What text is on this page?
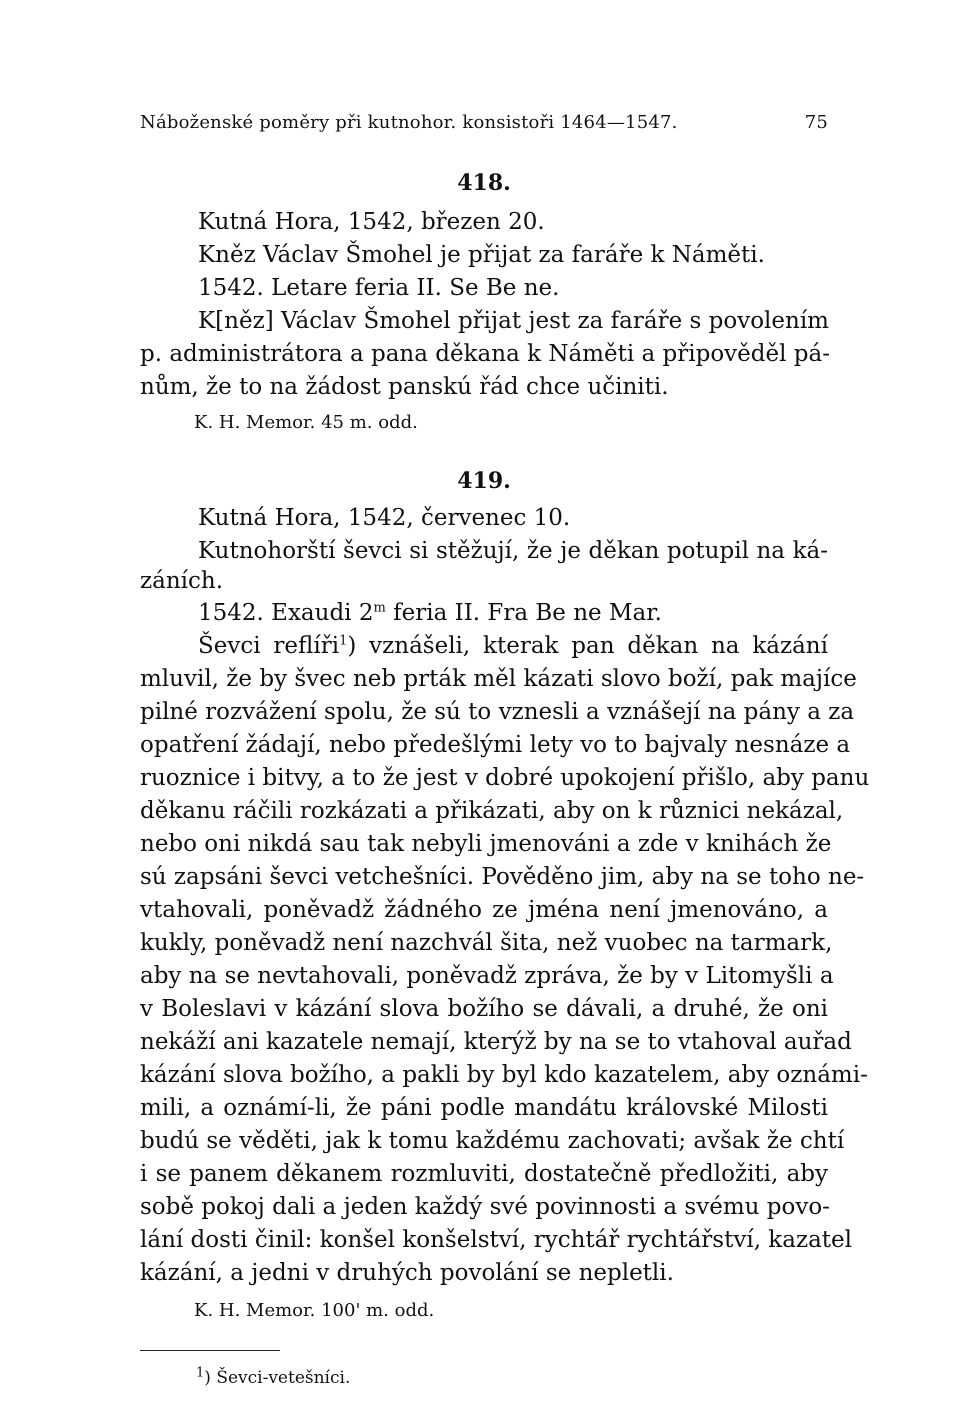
Náboženské poměry při kutnohor. konsistoři 1464—1547.	75
418.
Kutná Hora, 1542, březen 20.
Kněz Václav Šmohel je přijat za faráře k Náměti.
1542. Letare feria II. Se Be ne.
K[něz] Václav Šmohel přijat jest za faráře s povolením
p. administrátora a pana děkana k Náměti a připověděl pá-
nům, že to na žádost panskú řád chce učiniti.
K. H. Memor. 45 m. odd.
419.
Kutná Hora, 1542, červenec 10.
Kutnohorští ševci si stěžují, že je děkan potupil na ká-
záních.
1542. Exaudi 2$^m$ feria II. Fra Be ne Mar.
Ševci reflíři$^1$) vznášeli, kterak pan děkan na kázání
mluvil, že by švec neb prták měl kázati slovo boží, pak majíce
pilné rozvážení spolu, že sú to vznesli a vznášejí na pány a za
opatření žádají, nebo předešlými lety vo to bajvaly nesnáze a
ruoznice i bitvy, a to že jest v dobré upokojení přišlo, aby panu
děkanu ráčili rozkázati a přikázati, aby on k různici nekázal,
nebo oni nikdá sau tak nebyli jmenováni a zde v knihách že
sú zapsáni ševci vetchešníci. Pověděno jim, aby na se toho ne-
vtahovali, poněvadž žádného ze jména není jmenováno, a
kukly, poněvadž není nazchvál šita, než vuobec na tarmark,
aby na se nevtahovali, poněvadž zpráva, že by v Litomyšli a
v Boleslavi v kázání slova božího se dávali, a druhé, že oni
nekáží ani kazatele nemají, kterýž by na se to vtahoval auřad
kázání slova božího, a pakli by byl kdo kazatelem, aby oznámi-
mili, a oznámí-li, že páni podle mandátu královské Milosti
budú se věděti, jak k tomu každému zachovati; avšak že chtí
i se panem děkanem rozmluviti, dostatečně předložiti, aby
sobě pokoj dali a jeden každý své povinnosti a svému povo-
lání dosti činil: konšel konšelství, rychtář rychtářství, kazatel
kázání, a jedni v druhých povolání se nepletli.
K. H. Memor. 100' m. odd.
$^1$) Ševci-vetešníci.
